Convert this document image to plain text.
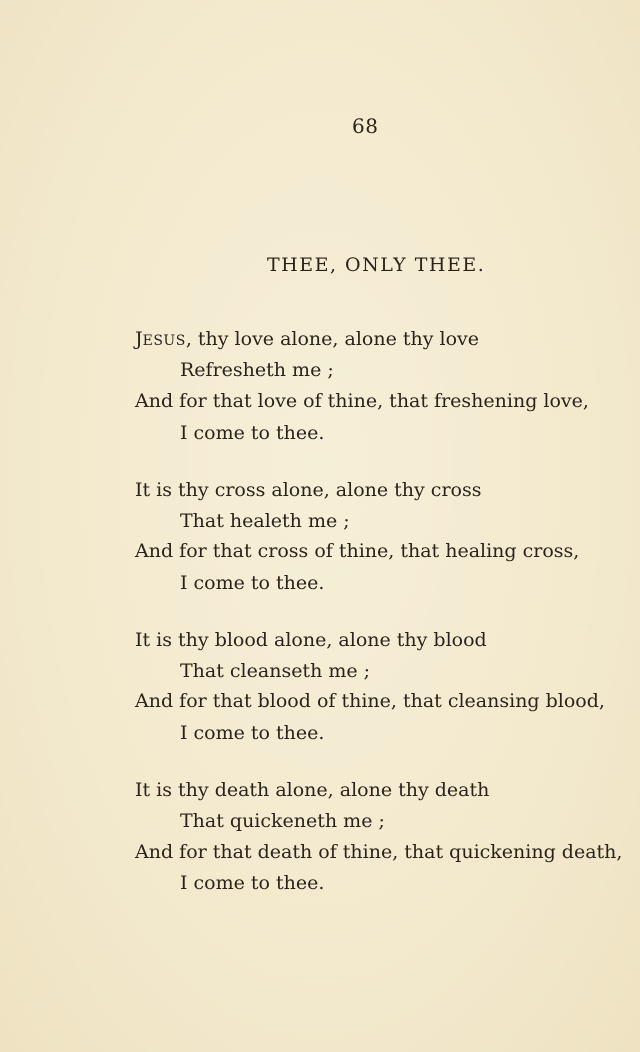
68
THEE, ONLY THEE.
JESUS, thy love alone, alone thy love
Refresheth me ;
And for that love of thine, that freshening love,
I come to thee.
It is thy cross alone, alone thy cross
That healeth me ;
And for that cross of thine, that healing cross,
I come to thee.
It is thy blood alone, alone thy blood
That cleanseth me ;
And for that blood of thine, that cleansing blood,
I come to thee.
It is thy death alone, alone thy death
That quickeneth me ;
And for that death of thine, that quickening death,
I come to thee.
